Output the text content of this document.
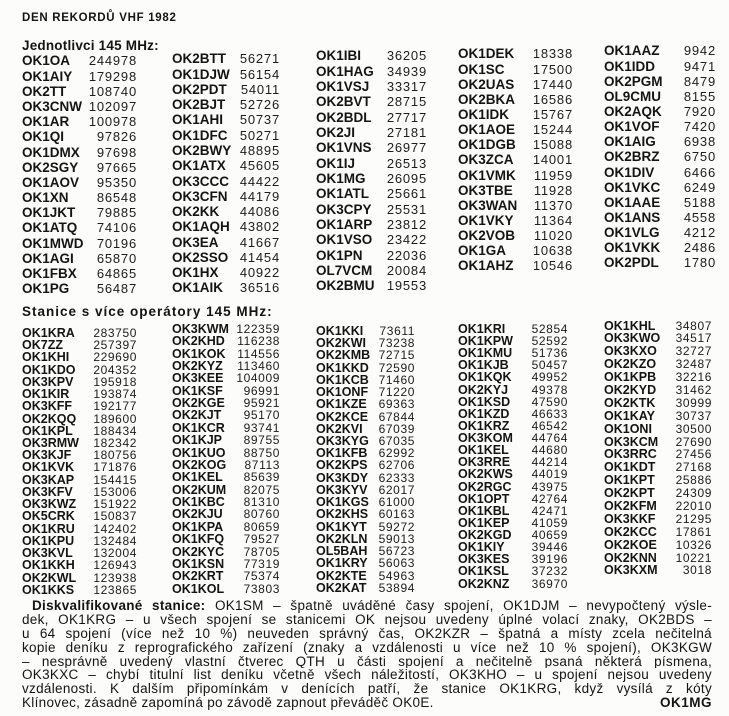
DEN REKORDŮ VHF 1982
Jednotlivci 145 MHz:
OK1OA 244978
OK1AIY 179298
OK2TT 108740
OK3CNW 102097
OK1AR 100978
OK1QI	97826
OK1DMX 97698
OK2SGY 97665
OK1AOV 95350
OK1XN 86548
OK1JKT 79885
OK1ATQ 74106
OK1MWD 70196
OK1AGI 65870
OK1FBX 64865
OK1PG 56487
OK2BTT 56271
OK1DJW 56154
OK2PDT 54011
OK2BJT 52726
OK1AHI 50737
OK1DFC 50271
OK2BWY 48895
OK1ATX 45605
OK3CCC 44422
OK3CFN 44179
OK2KK 44086
OK1AQH 43802
OK3EA 41667
OK2SSO 41454
OK1HX 40922
OK1AIK 36516
OK1IBI 36205
OK1HAG 34939
OK1VSJ 33317
OK2BVT 28715
OK2BDL 27717
OK2JI 27181
OK1VNS 26977
OK1IJ 26513
OK1MG 26095
OK1ATL 25661
OK3CPY 25531
OK1ARP 23812
OK1VSO 23422
OK1PN 22036
OL7VCM 20084
OK2BMU 19553
OK1DEK 18338
OK1SC 17500
OK2UAS 17440
OK2BKA 16586
OK1IDK 15767
OK1AOE 15244
OK1DGB 15088
OK3ZCA 14001
OK1VMK 11959
OK3TBE 11928
OK3WAN 11370
OK1VKY 11364
OK2VOB 11020
OK1GA 10638
OK1AHZ 10546
OK1AAZ 9942
OK1IDD 9471
OK2PGM 8479
OL9CMU 8155
OK2AQK 7920
OK1VOF 7420
OK1AIG 6938
OK2BRZ 6750
OK1DIV 6466
OK1VKC 6249
OK1AAE 5188
OK1ANS 4558
OK1VLG 4212
OK1VKK 2486
OK2PDL 1780
Stanice s více operátory 145 MHz:
OK1KRA 283750
OK7ZZ	257397
OK1KHI 229690
OK1KDO 204352
OK3KPV 195918
OK1KIR 193874
OK3KFF 192177
OK2KQQ 189600
OK1KPL 188434
OK3RMW 182342
OK3KJF 180756
OK1KVK 171876
OK3KAP 154415
OK3KFV 153006
OK3KWZ 151922
OK5CRK 150837
OK1KRU 142402
OK1KPU 132484
OK3KVL 132004
OK1KKH 126943
OK2KWL 123938
OK1KKS 123865
OK3KWM 122359
OK2KHD 116238
OK1KOK 114556
OK2KYZ 113460
OK3KEE 104009
OK1KSF 96991
OK2KGE 95921
OK2KJT 95170
OK1KCR 93741
OK1KJP 89755
OK1KUO 88750
OK2KOG 87113
OK1KEL 85639
OK2KUM 82075
OK1KBC 81310
OK2KJU 80760
OK1KPA 80659
OK1KFQ 79527
OK2KYC 78705
OK1KSN 77319
OK2KRT 75374
OK1KOL 73803
OK1KKI 73611
OK2KWI 73238
OK2KMB 72715
OK1KKD 72590
OK1KCB 71460
OK1ONF 71220
OK1KZE 69363
OK2KCE 67844
OK2KVI 67039
OK3KYG 67035
OK1KFB 62992
OK2KPS 62706
OK3KDY 62333
OK3KYV 62017
OK1KGS 61000
OK2KHS 60163
OK1KYT 59272
OK2KLN 59013
OL5BAH 56723
OK1KRY 56063
OK2KTE 54963
OK2KAT 53894
OK1KRI 52854
OK1KPW 52592
OK1KMU 51736
OK1KJB 50457
OK1KQK 49952
OK2KYJ 49378
OK1KSD 47590
OK1KZD 46633
OK1KRZ 46542
OK3KOM 44764
OK1KEL 44680
OK3RRE 44214
OK2KWS 44019
OK2RGC 43975
OK1OPT 42764
OK1KBL 42471
OK1KEP 41059
OK2KGD 40659
OK1KIY 39446
OK3KES 39196
OK1KSL 37232
OK2KNZ 36970
OK1KHL 34807
OK3KWO 34517
OK3KXO 32727
OK2KZO 32487
OK1KPB 32216
OK2KYD 31462
OK2KTK 30999
OK1KAY 30737
OK1ONI 30500
OK3KCM 27690
OK3RRC 27456
OK1KDT 27168
OK1KPT 25886
OK2KPT 24309
OK2KFM 22010
OK3KKF 21295
OK2KCC 17861
OK2KOE 10326
OK2KNN 10221
OK3KXM 3018
Diskvalifikované stanice: OK1SM – špatně uváděné časy spojení, OK1DJM – nevypočtený výsle-
dek, OK1KRG – u všech spojení se stanicemi OK nejsou uvedeny úplné volací znaky, OK2BDS –
u 64 spojení (více než 10 %) neuveden správný čas, OK2KZR – špatná a místy zcela nečitelná
kopie deníku z reprografického zařízení (znaky a vzdálenosti u více než 10 % spojení), OK3KGW
– nesprávně uvedený vlastní čtverec QTH u části spojení a nečitelně psaná některá písmena,
OK3KXC – chybí titulní list deníku včetně všech náležitostí, OK3KHO – u spojení nejsou uvedeny
vzdálenosti. K dalším připomínkám v denících patří, že stanice OK1KRG, když vysílá z kóty
Klínovec, zásadně zapomíná po závodě zapnout převáděč OK0E.	OK1MG
